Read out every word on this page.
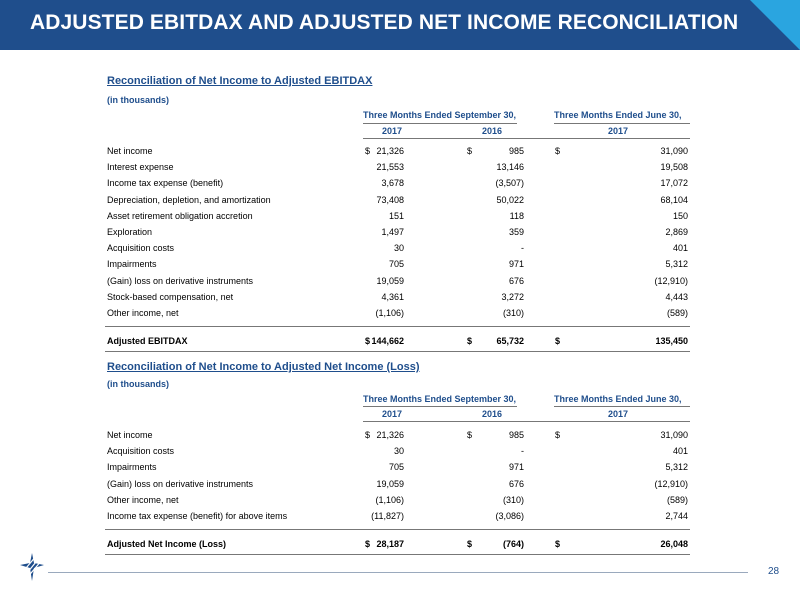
ADJUSTED EBITDAX AND ADJUSTED NET INCOME RECONCILIATION
Reconciliation of Net Income to Adjusted EBITDAX
(in thousands)
Three Months Ended September 30,	Three Months Ended June 30,
2017	2016	2017
Net income	$ 21,326	$	985	$	31,090
Interest expense	21,553	13,146	19,508
Income tax expense (benefit)	3,678	(3,507)	17,072
Depreciation, depletion, and amortization	73,408	50,022	68,104
Asset retirement obligation accretion	151	118	150
Exploration	1,497	359	2,869
Acquisition costs	30	-	401
Impairments	705	971	5,312
(Gain) loss on derivative instruments	19,059	676	(12,910)
Stock-based compensation, net	4,361	3,272	4,443
Other income, net	(1,106)	(310)	(589)
Adjusted EBITDAX	$ 144,662	$	65,732	$	135,450
Reconciliation of Net Income to Adjusted Net Income (Loss)
(in thousands)
Three Months Ended September 30,	Three Months Ended June 30,
2017	2016	2017
Net income	$ 21,326	$	985	$	31,090
Acquisition costs	30	-	401
Impairments	705	971	5,312
(Gain) loss on derivative instruments	19,059	676	(12,910)
Other income, net	(1,106)	(310)	(589)
Income tax expense (benefit) for above items	(11,827)	(3,086)	2,744
Adjusted Net Income (Loss)	$ 28,187	$	(764)	$	26,048
28
